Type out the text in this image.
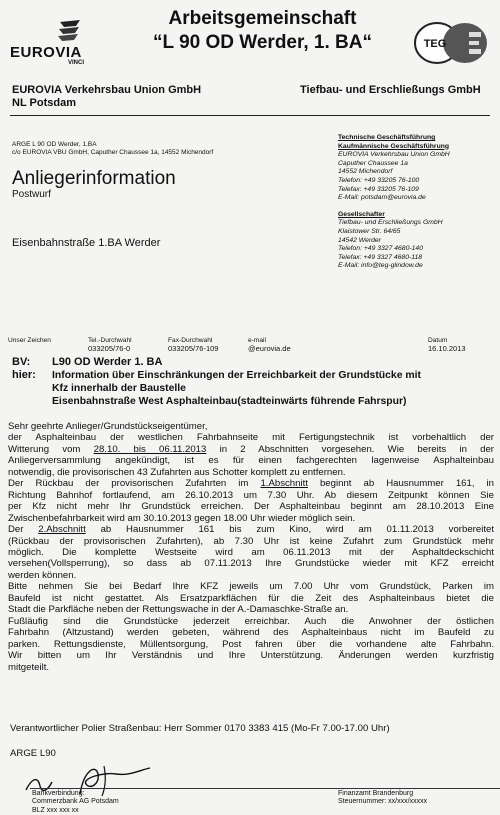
EUROVIA
VINCI
Arbeitsgemeinschaft
“L 90 OD Werder, 1. BA“	TEG
EUROVIA Verkehrsbau Union GmbH
NL Potsdam
Tiefbau- und Erschließungs GmbH
ARGE L 90 OD Werder, 1.BA
c/o EUROVIA VBU GmbH, Caputher Chaussee 1a, 14552 Michendorf
Anliegerinformation
Postwurf
Eisenbahnstraße 1.BA Werder
Technische Geschäftsführung
Kaufmännische Geschäftsführung
EUROVIA Verkehrsbau Union GmbH
Caputher Chaussee 1a
14552 Michendorf
Telefon: +49 33205 76-100
Telefax: +49 33205 76-109
E-Mail: potsdam@eurovia.de
Gesellschafter
Tiefbau- und Erschließungs GmbH
Klaistower Str. 64/65
14542 Werder
Telefon: +49 3327 4680-140
Telefax: +49 3327 4680-118
E-Mail: info@teg-glindow.de
Unser Zeichen	Tel.-Durchwahl
033205/76-0
Fax-Durchwahl
033205/76-109
e-mail
@eurovia.de
Datum
16.10.2013
BV: L90 OD Werder 1. BA
hier: Information über Einschränkungen der Erreichbarkeit der Grundstücke mit
Kfz innerhalb der Baustelle
Eisenbahnstraße West Asphalteinbau(stadteinwärts führende Fahrspur)

Sehr geehrte Anlieger/Grundstückseigentümer,

der Asphalteinbau der westlichen Fahrbahnseite mit Fertigungstechnik ist vorbehaltlich der

Witterung vom 28.10. bis 06.11.2013 in 2 Abschnitten vorgesehen. Wie bereits in der

Anliegerversammlung angekündigt, ist es für einen fachgerechten lagenweise Asphalteinbau

notwendig, die provisorischen 43 Zufahrten aus Schotter komplett zu entfernen.

Der Rückbau der provisorischen Zufahrten im 1.Abschnitt beginnt ab Hausnummer 161, in

Richtung Bahnhof fortlaufend, am 26.10.2013 um 7.30 Uhr. Ab diesem Zeitpunkt können Sie

per Kfz nicht mehr Ihr Grundstück erreichen. Der Asphalteinbau beginnt am 28.10.2013 Eine

Zwischenbefahrbarkeit wird am 30.10.2013 gegen 18.00 Uhr wieder möglich sein.

Der 2.Abschnitt ab Hausnummer 161 bis zum Kino, wird am 01.11.2013 vorbereitet

(Rückbau der provisorischen Zufahrten), ab 7.30 Uhr ist keine Zufahrt zum Grundstück mehr

möglich. Die komplette Westseite wird am 06.11.2013 mit der Asphaltdeckschicht

versehen(Vollsperrung), so dass ab 07.11.2013 Ihre Grundstücke wieder mit KFZ erreicht

werden können.

Bitte nehmen Sie bei Bedarf Ihre KFZ jeweils um 7.00 Uhr vom Grundstück, Parken im

Baufeld ist nicht gestattet. Als Ersatzparkflächen für die Zeit des Asphalteinbaus bietet die

Stadt die Parkfläche neben der Rettungswache in der A.-Damaschke-Straße an.

Fußläufig sind die Grundstücke jederzeit erreichbar. Auch die Anwohner der östlichen

Fahrbahn (Altzustand) werden gebeten, während des Asphalteinbaus nicht im Baufeld zu

parken. Rettungsdienste, Müllentsorgung, Post fahren über die vorhandene alte Fahrbahn.

Wir bitten um Ihr Verständnis und Ihre Unterstützung. Änderungen werden kurzfristig

mitgeteilt.

Verantwortlicher Polier Straßenbau: Herr Sommer 0170 3383 415 (Mo-Fr 7.00-17.00 Uhr)
ARGE L90
Bankverbindung:
Commerzbank AG Potsdam
BLZ xxx xxx xx
Finanzamt Brandenburg
Steuernummer: xx/xxx/xxxxx
